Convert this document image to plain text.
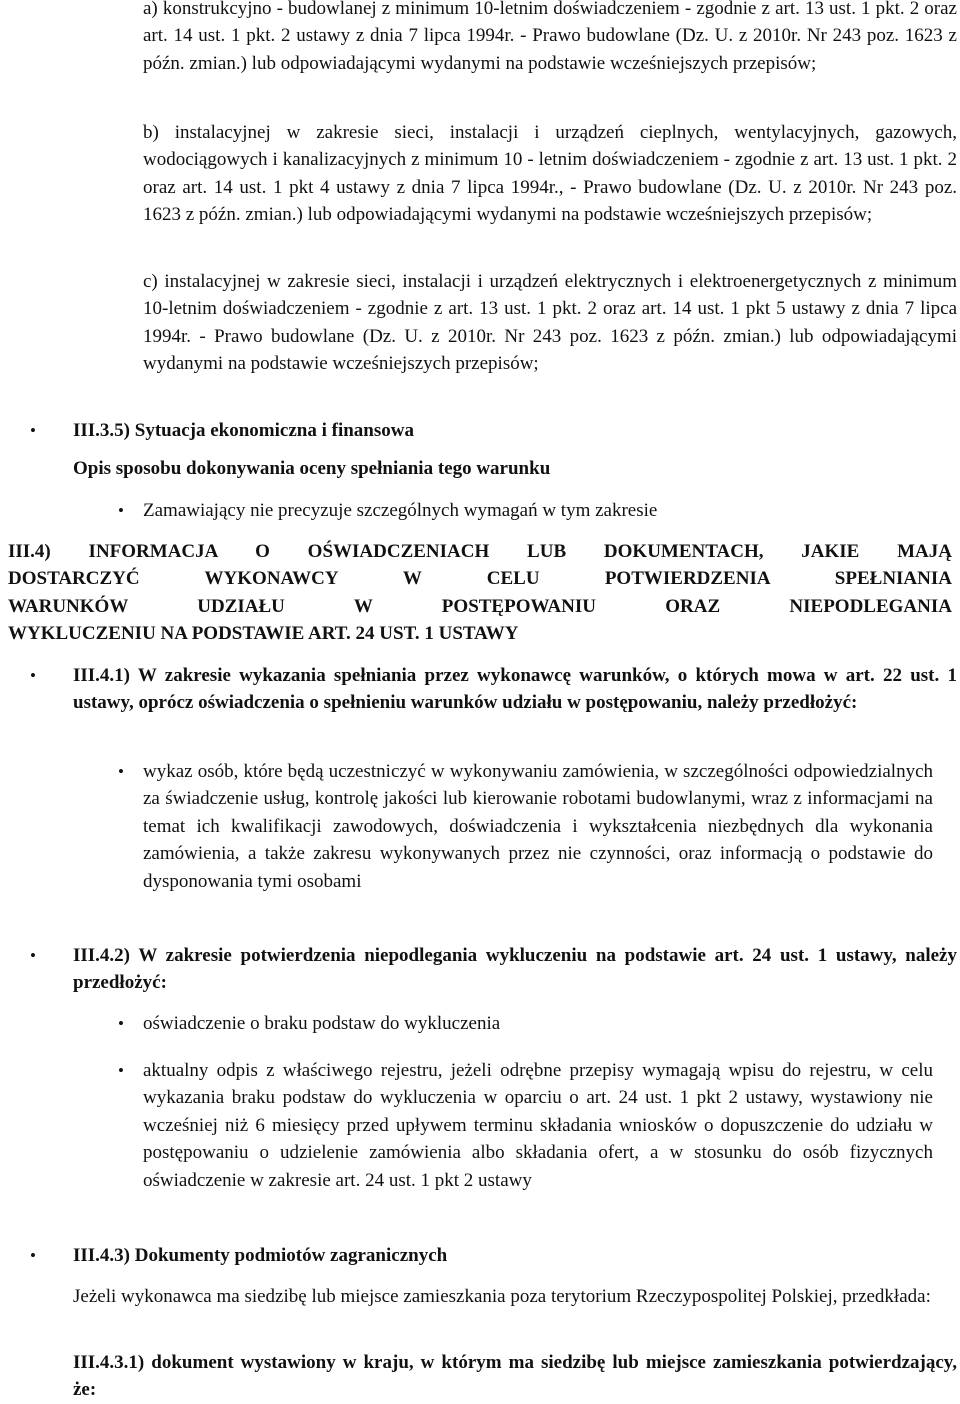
a) konstrukcyjno - budowlanej z minimum 10-letnim doświadczeniem - zgodnie z art. 13 ust. 1 pkt. 2 oraz art. 14 ust. 1 pkt. 2 ustawy z dnia 7 lipca 1994r. - Prawo budowlane (Dz. U. z 2010r. Nr 243 poz. 1623 z późn. zmian.) lub odpowiadającymi wydanymi na podstawie wcześniejszych przepisów;

b) instalacyjnej w zakresie sieci, instalacji i urządzeń cieplnych, wentylacyjnych, gazowych, wodociągowych i kanalizacyjnych z minimum 10 - letnim doświadczeniem - zgodnie z art. 13 ust. 1 pkt. 2 oraz art. 14 ust. 1 pkt 4 ustawy z dnia 7 lipca 1994r., - Prawo budowlane (Dz. U. z 2010r. Nr 243 poz. 1623 z późn. zmian.) lub odpowiadającymi wydanymi na podstawie wcześniejszych przepisów;

c) instalacyjnej w zakresie sieci, instalacji i urządzeń elektrycznych i elektroenergetycznych z minimum 10-letnim doświadczeniem - zgodnie z art. 13 ust. 1 pkt. 2 oraz art. 14 ust. 1 pkt 5 ustawy z dnia 7 lipca 1994r. - Prawo budowlane (Dz. U. z 2010r. Nr 243 poz. 1623 z późn. zmian.) lub odpowiadającymi wydanymi na podstawie wcześniejszych przepisów;

• III.3.5) Sytuacja ekonomiczna i finansowa

Opis sposobu dokonywania oceny spełniania tego warunku

• Zamawiający nie precyzuje szczególnych wymagań w tym zakresie

III.4) INFORMACJA O OŚWIADCZENIACH LUB DOKUMENTACH, JAKIE MAJĄ
DOSTARCZYĆ WYKONAWCY W CELU POTWIERDZENIA SPEŁNIANIA
WARUNKÓW UDZIAŁU W POSTĘPOWANIU ORAZ NIEPODLEGANIA
WYKLUCZENIU NA PODSTAWIE ART. 24 UST. 1 USTAWY
• III.4.1) W zakresie wykazania spełniania przez wykonawcę warunków, o których mowa w art. 22 ust. 1 ustawy, oprócz oświadczenia o spełnieniu warunków udziału w postępowaniu, należy przedłożyć:

• wykaz osób, które będą uczestniczyć w wykonywaniu zamówienia, w szczególności odpowiedzialnych za świadczenie usług, kontrolę jakości lub kierowanie robotami budowlanymi, wraz z informacjami na temat ich kwalifikacji zawodowych, doświadczenia i wykształcenia niezbędnych dla wykonania zamówienia, a także zakresu wykonywanych przez nie czynności, oraz informacją o podstawie do dysponowania tymi osobami

• III.4.2) W zakresie potwierdzenia niepodlegania wykluczeniu na podstawie art. 24 ust. 1 ustawy, należy przedłożyć:

• oświadczenie o braku podstaw do wykluczenia

• aktualny odpis z właściwego rejestru, jeżeli odrębne przepisy wymagają wpisu do rejestru, w celu wykazania braku podstaw do wykluczenia w oparciu o art. 24 ust. 1 pkt 2 ustawy, wystawiony nie wcześniej niż 6 miesięcy przed upływem terminu składania wniosków o dopuszczenie do udziału w postępowaniu o udzielenie zamówienia albo składania ofert, a w stosunku do osób fizycznych oświadczenie w zakresie art. 24 ust. 1 pkt 2 ustawy

• III.4.3) Dokumenty podmiotów zagranicznych

Jeżeli wykonawca ma siedzibę lub miejsce zamieszkania poza terytorium Rzeczypospolitej Polskiej, przedkłada:

III.4.3.1) dokument wystawiony w kraju, w którym ma siedzibę lub miejsce zamieszkania potwierdzający, że:
